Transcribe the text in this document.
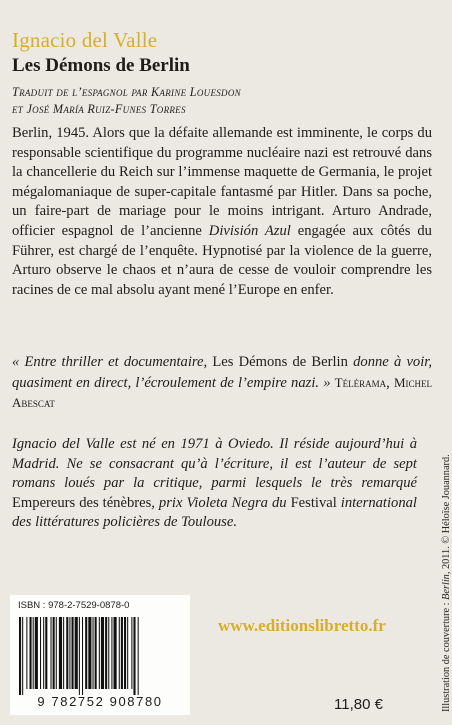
Ignacio del Valle
Les Démons de Berlin
Traduit de l’espagnol par Karine Louesdon
et José María Ruiz-Funes Torres

Berlin, 1945. Alors que la défaite allemande est imminente, le corps du responsable scientifique du programme nucléaire nazi est retrouvé dans la chancellerie du Reich sur l’immense maquette de Germania, le projet mégalomaniaque de super-capitale fantasmé par Hitler. Dans sa poche, un faire-part de mariage pour le moins intrigant. Arturo Andrade, officier espagnol de l’ancienne División Azul engagée aux côtés du Führer, est chargé de l’enquête. Hypnotisé par la violence de la guerre, Arturo observe le chaos et n’aura de cesse de vouloir comprendre les racines de ce mal absolu ayant mené l’Europe en enfer.

« Entre thriller et documentaire, Les Démons de Berlin donne à voir, quasiment en direct, l’écroulement de l’empire nazi. » Télérama, Michel Abescat
Ignacio del Valle est né en 1971 à Oviedo. Il réside aujourd’hui à Madrid. Ne se consacrant qu’à l’écriture, il est l’auteur de sept romans loués par la critique, parmi lesquels le très remarqué Empereurs des ténèbres, prix Violeta Negra du Festival international des littératures policières de Toulouse.
Illustration de couverture : Berlin, 2011. © Héloïse Jouannard.
ISBN : 978-2-7529-0878-0
9 782752 908780
www.editionslibretto.fr
11,80 €
